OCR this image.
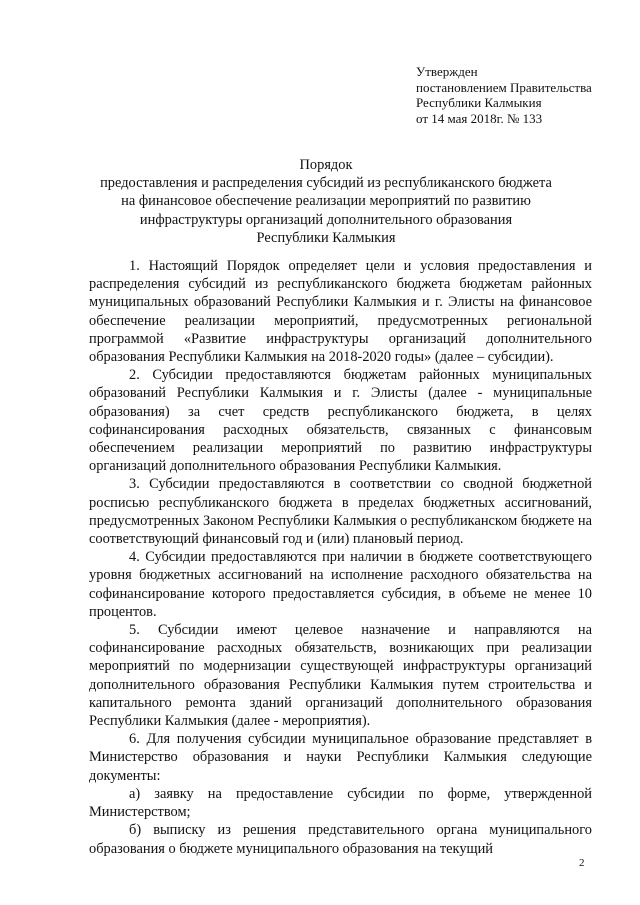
Утвержден
постановлением Правительства
Республики Калмыкия
от 14 мая 2018г. № 133
Порядок
предоставления и распределения субсидий из республиканского бюджета
на финансовое обеспечение реализации мероприятий по развитию
инфраструктуры организаций дополнительного образования
Республики Калмыкия

1. Настоящий Порядок определяет цели и условия предоставления и распределения субсидий из республиканского бюджета бюджетам районных муниципальных образований Республики Калмыкия и г. Элисты на финансовое обеспечение реализации мероприятий, предусмотренных региональной программой «Развитие инфраструктуры организаций дополнительного образования Республики Калмыкия на 2018-2020 годы» (далее – субсидии).

2. Субсидии предоставляются бюджетам районных муниципальных образований Республики Калмыкия и г. Элисты (далее - муниципальные образования) за счет средств республиканского бюджета, в целях софинансирования расходных обязательств, связанных с финансовым обеспечением реализации мероприятий по развитию инфраструктуры организаций дополнительного образования Республики Калмыкия.

3. Субсидии предоставляются в соответствии со сводной бюджетной росписью республиканского бюджета в пределах бюджетных ассигнований, предусмотренных Законом Республики Калмыкия о республиканском бюджете на соответствующий финансовый год и (или) плановый период.

4. Субсидии предоставляются при наличии в бюджете соответствующего уровня бюджетных ассигнований на исполнение расходного обязательства на софинансирование которого предоставляется субсидия, в объеме не менее 10 процентов.

5. Субсидии имеют целевое назначение и направляются на софинансирование расходных обязательств, возникающих при реализации мероприятий по модернизации существующей инфраструктуры организаций дополнительного образования Республики Калмыкия путем строительства и капитального ремонта зданий организаций дополнительного образования Республики Калмыкия (далее - мероприятия).

6. Для получения субсидии муниципальное образование представляет в Министерство образования и науки Республики Калмыкия следующие документы:

а) заявку на предоставление субсидии по форме, утвержденной Министерством;

б) выписку из решения представительного органа муниципального образования о бюджете муниципального образования на текущий

2
